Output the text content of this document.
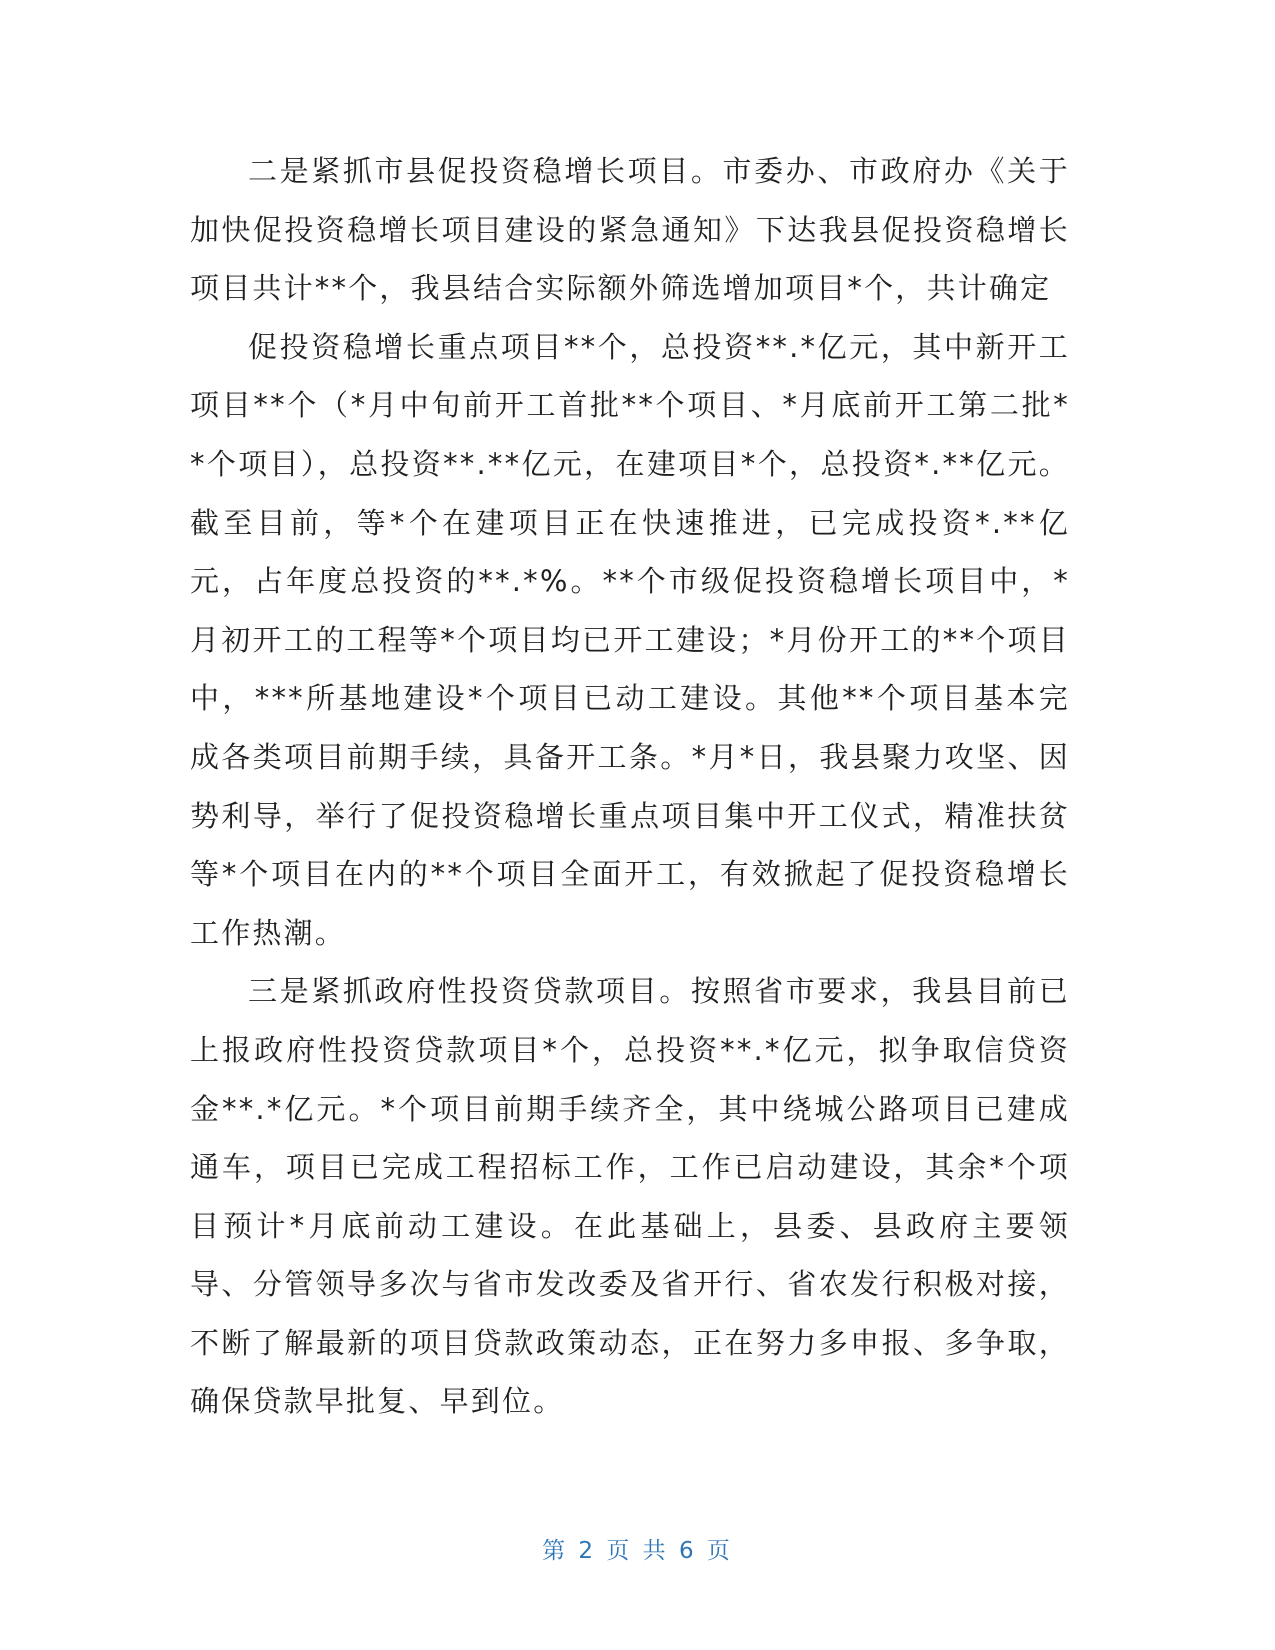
二是紧抓市县促投资稳增长项目。市委办、市政府办《关于加快促投资稳增长项目建设的紧急通知》下达我县促投资稳增长项目共计**个，我县结合实际额外筛选增加项目*个，共计确定

促投资稳增长重点项目**个，总投资**.*亿元，其中新开工项目**个（*月中旬前开工首批**个项目、*月底前开工第二批**个项目），总投资**.**亿元，在建项目*个，总投资*.**亿元。截至目前，等*个在建项目正在快速推进，已完成投资*.**亿元，占年度总投资的**.*%。**个市级促投资稳增长项目中，*月初开工的工程等*个项目均已开工建设；*月份开工的**个项目中，***所基地建设*个项目已动工建设。其他**个项目基本完成各类项目前期手续，具备开工条。*月*日，我县聚力攻坚、因势利导，举行了促投资稳增长重点项目集中开工仪式，精准扶贫等*个项目在内的**个项目全面开工，有效掀起了促投资稳增长工作热潮。

三是紧抓政府性投资贷款项目。按照省市要求，我县目前已上报政府性投资贷款项目*个，总投资**.*亿元，拟争取信贷资金**.*亿元。*个项目前期手续齐全，其中绕城公路项目已建成通车，项目已完成工程招标工作，工作已启动建设，其余*个项目预计*月底前动工建设。在此基础上，县委、县政府主要领导、分管领导多次与省市发改委及省开行、省农发行积极对接，不断了解最新的项目贷款政策动态，正在努力多申报、多争取，确保贷款早批复、早到位。

第 2 页 共 6 页
